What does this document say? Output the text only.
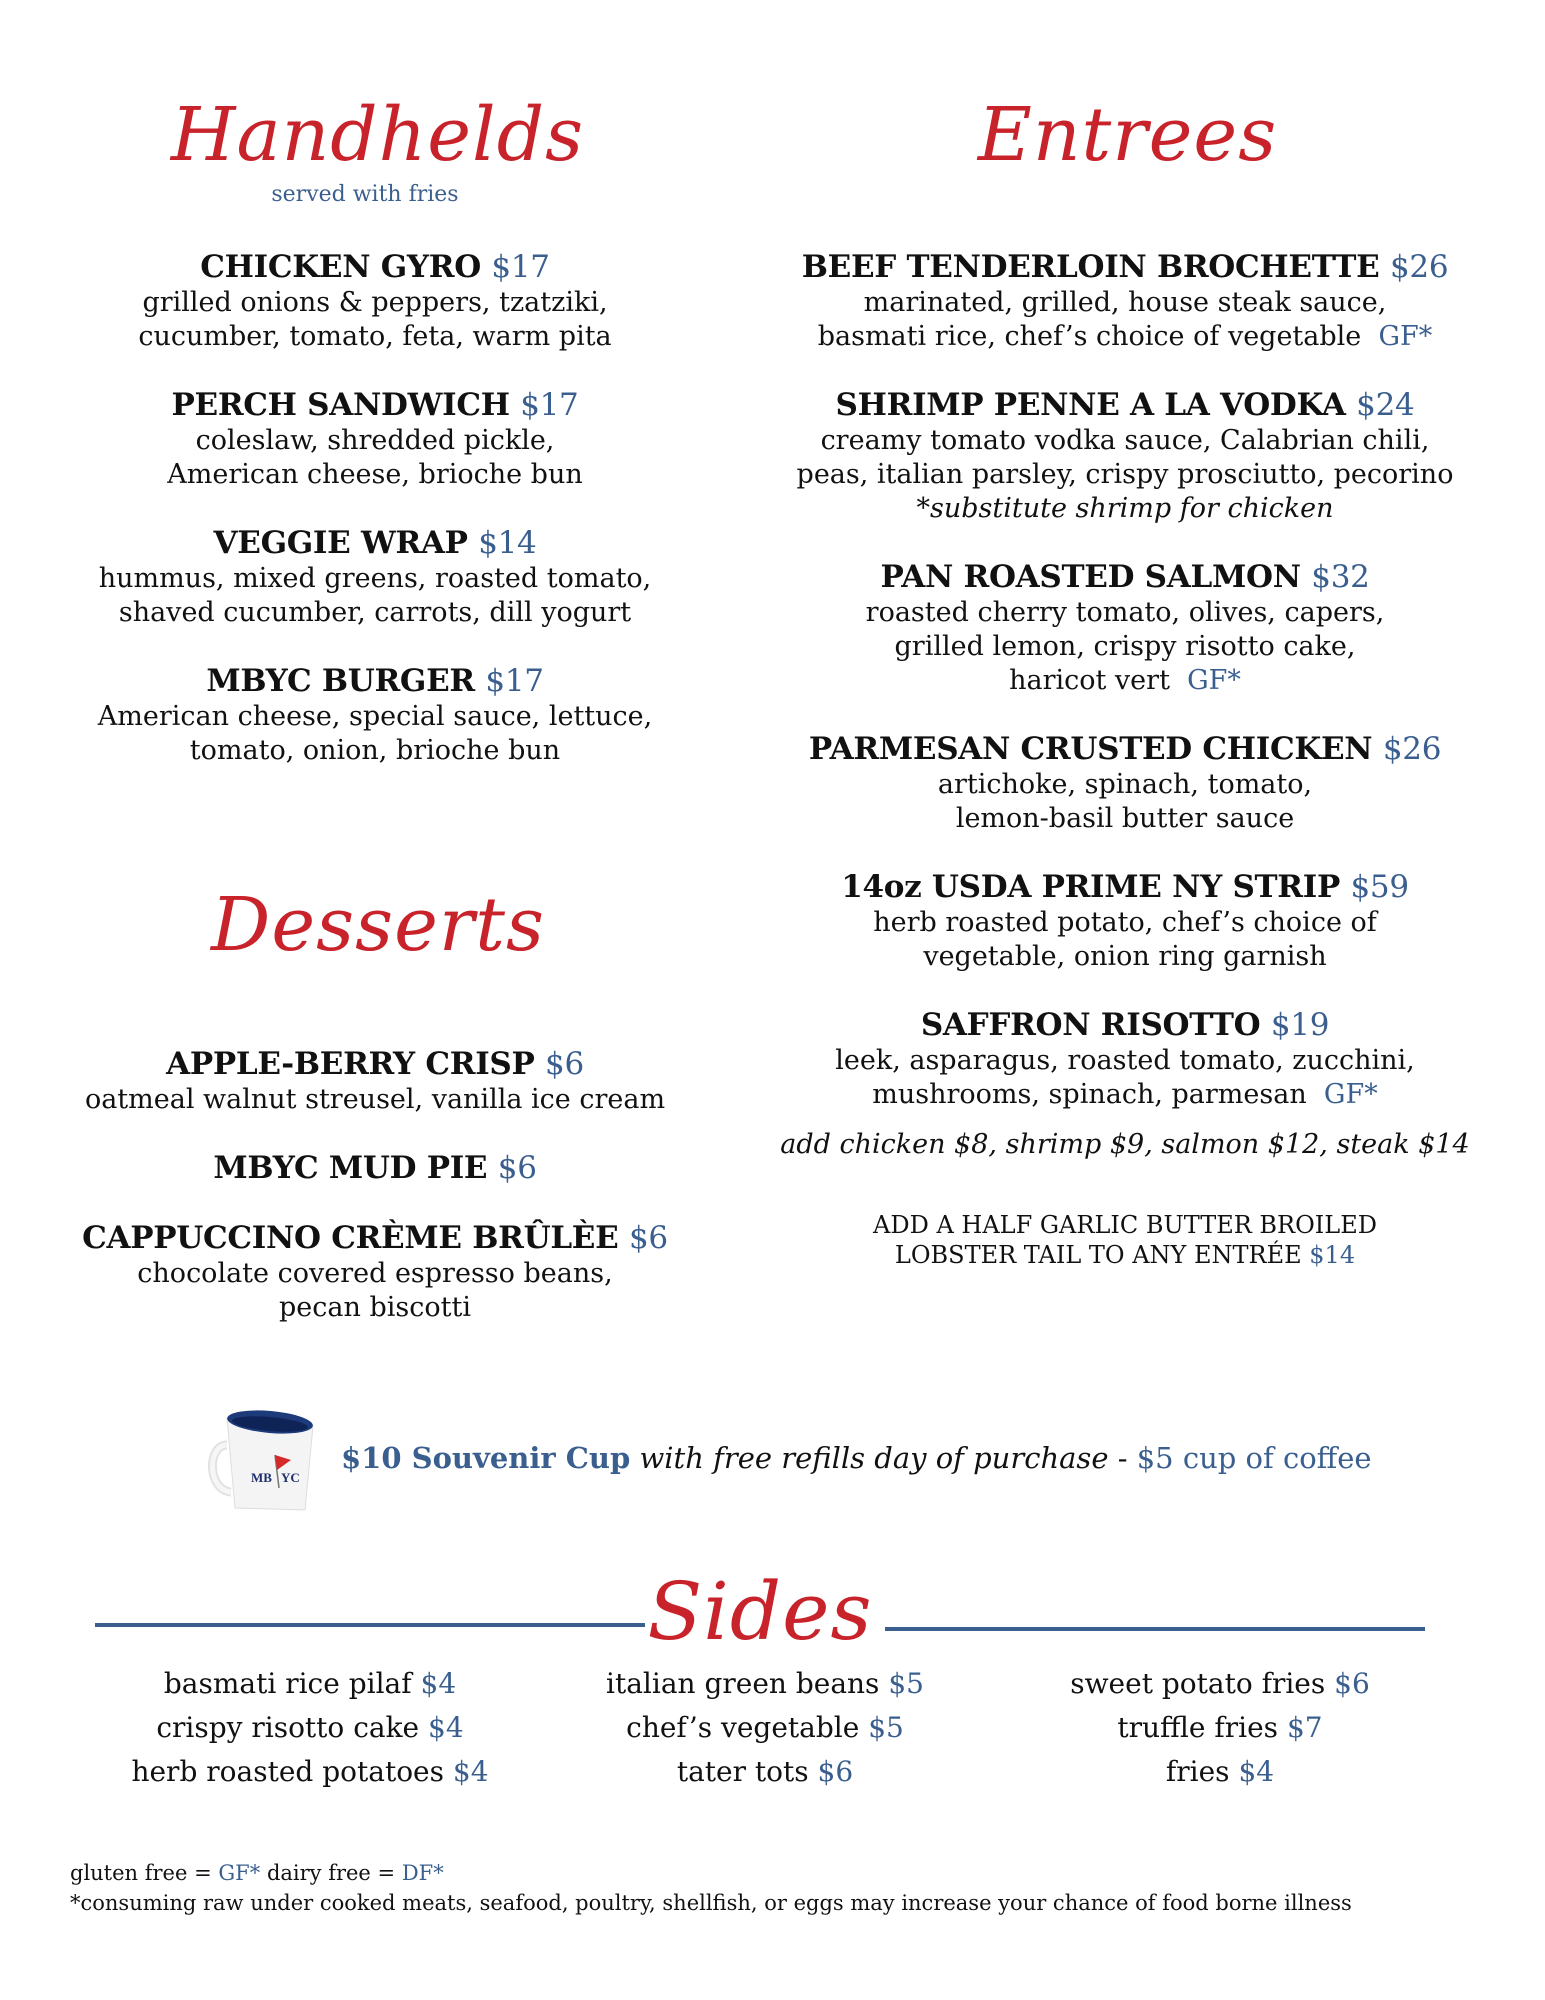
Handhelds
served with fries
CHICKEN GYRO $17
grilled onions & peppers, tzatziki,
cucumber, tomato, feta, warm pita
PERCH SANDWICH $17
coleslaw, shredded pickle,
American cheese, brioche bun
VEGGIE WRAP $14
hummus, mixed greens, roasted tomato,
shaved cucumber, carrots, dill yogurt
MBYC BURGER $17
American cheese, special sauce, lettuce,
tomato, onion, brioche bun
Desserts
APPLE-BERRY CRISP $6
oatmeal walnut streusel, vanilla ice cream
MBYC MUD PIE $6
CAPPUCCINO CRÈME BRÛLÈE $6
chocolate covered espresso beans,
pecan biscotti
Entrees
BEEF TENDERLOIN BROCHETTE $26
marinated, grilled, house steak sauce,
basmati rice, chef’s choice of vegetable GF*
SHRIMP PENNE A LA VODKA $24
creamy tomato vodka sauce, Calabrian chili,
peas, italian parsley, crispy prosciutto, pecorino
*substitute shrimp for chicken
PAN ROASTED SALMON $32
roasted cherry tomato, olives, capers,
grilled lemon, crispy risotto cake,
haricot vert GF*
PARMESAN CRUSTED CHICKEN $26
artichoke, spinach, tomato,
lemon-basil butter sauce
14oz USDA PRIME NY STRIP $59
herb roasted potato, chef’s choice of
vegetable, onion ring garnish
SAFFRON RISOTTO $19
leek, asparagus, roasted tomato, zucchini,
mushrooms, spinach, parmesan GF*
add chicken $8, shrimp $9, salmon $12, steak $14
ADD A HALF GARLIC BUTTER BROILED
LOBSTER TAIL TO ANY ENTRÉE $14
MB YC
$10 Souvenir Cup with free refills day of purchase - $5 cup of coffee
Sides
basmati rice pilaf $4
crispy risotto cake $4
herb roasted potatoes $4
italian green beans $5
chef’s vegetable $5
tater tots $6
sweet potato fries $6
truffle fries $7
fries $4
gluten free = GF* dairy free = DF*
*consuming raw under cooked meats, seafood, poultry, shellfish, or eggs may increase your chance of food borne illness
